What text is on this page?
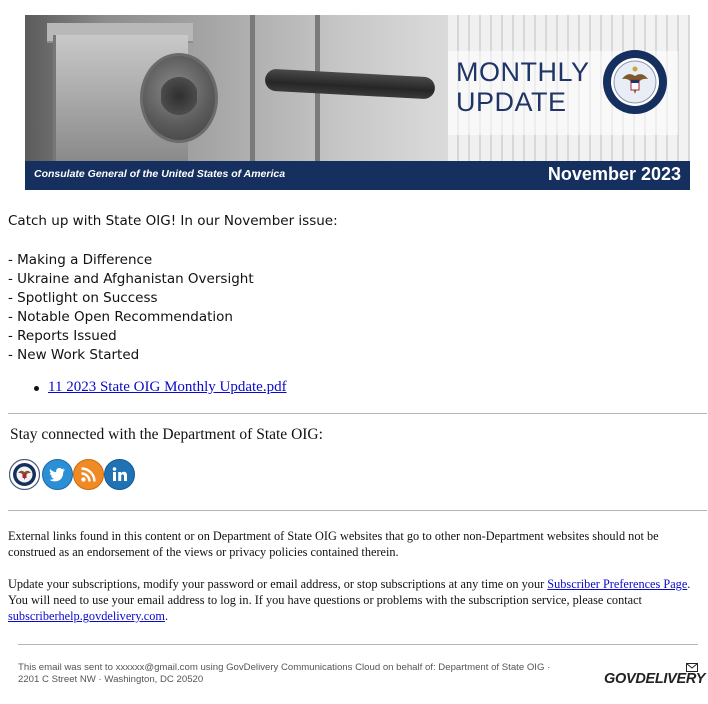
MONTHLY
UPDATE
Consulate General of the United States of America	November 2023
Catch up with State OIG! In our November issue:
- Making a Difference
- Ukraine and Afghanistan Oversight
- Spotlight on Success
- Notable Open Recommendation
- Reports Issued
- New Work Started
11 2023 State OIG Monthly Update.pdf
Stay connected with the Department of State OIG:
External links found in this content or on Department of State OIG websites that go to other non-Department websites should not be construed as an endorsement of the views or privacy policies contained therein.
Update your subscriptions, modify your password or email address, or stop subscriptions at any time on your Subscriber Preferences Page. You will need to use your email address to log in. If you have questions or problems with the subscription service, please contact subscriberhelp.govdelivery.com.
This email was sent to xxxxxx@gmail.com using GovDelivery Communications Cloud on behalf of: Department of State OIG ·
2201 C Street NW · Washington, DC 20520	GOVDELIVERY
